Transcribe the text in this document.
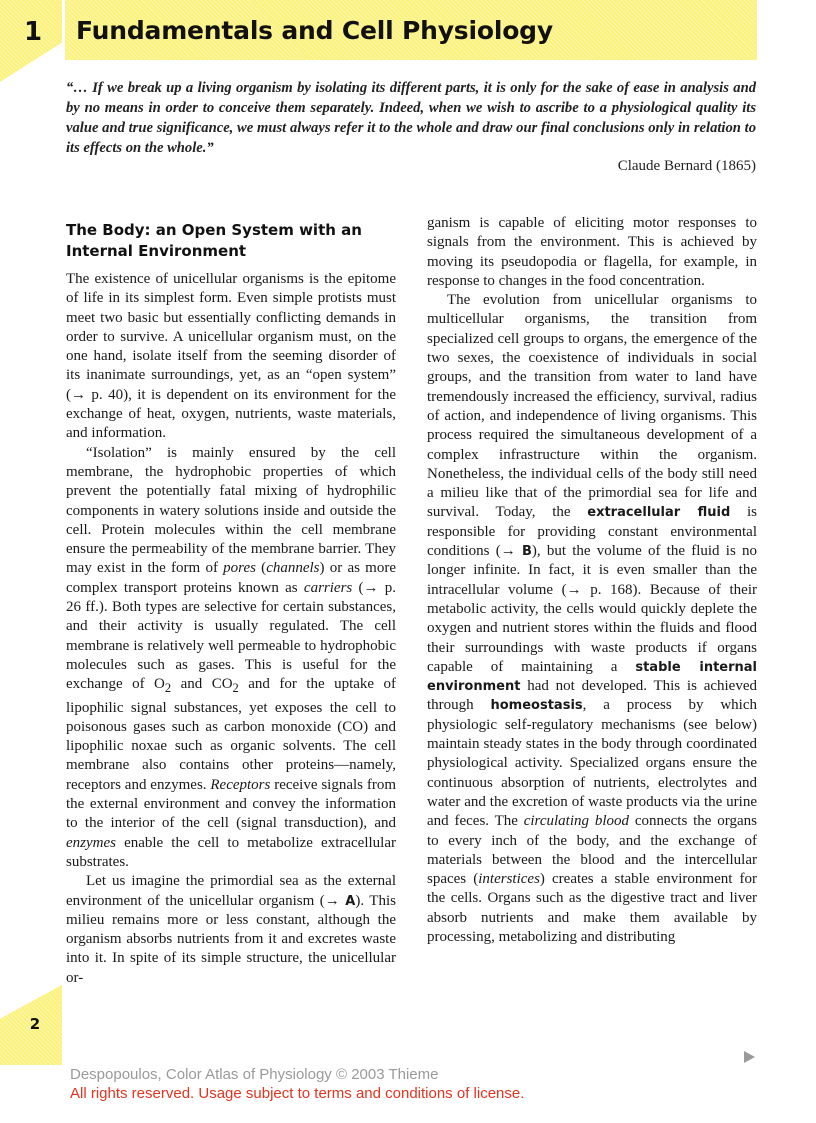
1	Fundamentals and Cell Physiology

“… If we break up a living organism by isolating its different parts, it is only for the sake of ease in analysis and by no means in order to conceive them separately. Indeed, when we wish to ascribe to a physiological quality its value and true significance, we must always refer it to the whole and draw our final conclusions only in relation to its effects on the whole.”

Claude Bernard (1865)
The Body: an Open System with an Internal Environment

The existence of unicellular organisms is the epitome of life in its simplest form. Even simple protists must meet two basic but essentially conflicting demands in order to survive. A unicellular organism must, on the one hand, isolate itself from the seeming disorder of its inanimate surroundings, yet, as an “open system” (→ p. 40), it is dependent on its environment for the exchange of heat, oxygen, nutrients, waste materials, and information.

“Isolation” is mainly ensured by the cell membrane, the hydrophobic properties of which prevent the potentially fatal mixing of hydrophilic components in watery solutions inside and outside the cell. Protein molecules within the cell membrane ensure the permeability of the membrane barrier. They may exist in the form of pores (channels) or as more complex transport proteins known as carriers (→ p. 26 ff.). Both types are selective for certain substances, and their activity is usually regulated. The cell membrane is relatively well permeable to hydrophobic molecules such as gases. This is useful for the exchange of $O_2$ and $CO_2$ and for the uptake of lipophilic signal substances, yet exposes the cell to poisonous gases such as carbon monoxide (CO) and lipophilic noxae such as organic solvents. The cell membrane also contains other proteins—namely, receptors and enzymes. Receptors receive signals from the external environment and convey the information to the interior of the cell (signal transduction), and enzymes enable the cell to metabolize extracellular substrates.

Let us imagine the primordial sea as the external environment of the unicellular organism (→ A). This milieu remains more or less constant, although the organism absorbs nutrients from it and excretes waste into it. In spite of its simple structure, the unicellular or-

ganism is capable of eliciting motor responses to signals from the environment. This is achieved by moving its pseudopodia or flagella, for example, in response to changes in the food concentration.

The evolution from unicellular organisms to multicellular organisms, the transition from specialized cell groups to organs, the emergence of the two sexes, the coexistence of individuals in social groups, and the transition from water to land have tremendously increased the efficiency, survival, radius of action, and independence of living organisms. This process required the simultaneous development of a complex infrastructure within the organism. Nonetheless, the individual cells of the body still need a milieu like that of the primordial sea for life and survival. Today, the extracellular fluid is responsible for providing constant environmental conditions (→ B), but the volume of the fluid is no longer infinite. In fact, it is even smaller than the intracellular volume (→ p. 168). Because of their metabolic activity, the cells would quickly deplete the oxygen and nutrient stores within the fluids and flood their surroundings with waste products if organs capable of maintaining a stable internal environment had not developed. This is achieved through homeostasis, a process by which physiologic self-regulatory mechanisms (see below) maintain steady states in the body through coordinated physiological activity. Specialized organs ensure the continuous absorption of nutrients, electrolytes and water and the excretion of waste products via the urine and feces. The circulating blood connects the organs to every inch of the body, and the exchange of materials between the blood and the intercellular spaces (interstices) creates a stable environment for the cells. Organs such as the digestive tract and liver absorb nutrients and make them available by processing, metabolizing and distributing

2
Despopoulos, Color Atlas of Physiology © 2003 Thieme
All rights reserved. Usage subject to terms and conditions of license.
